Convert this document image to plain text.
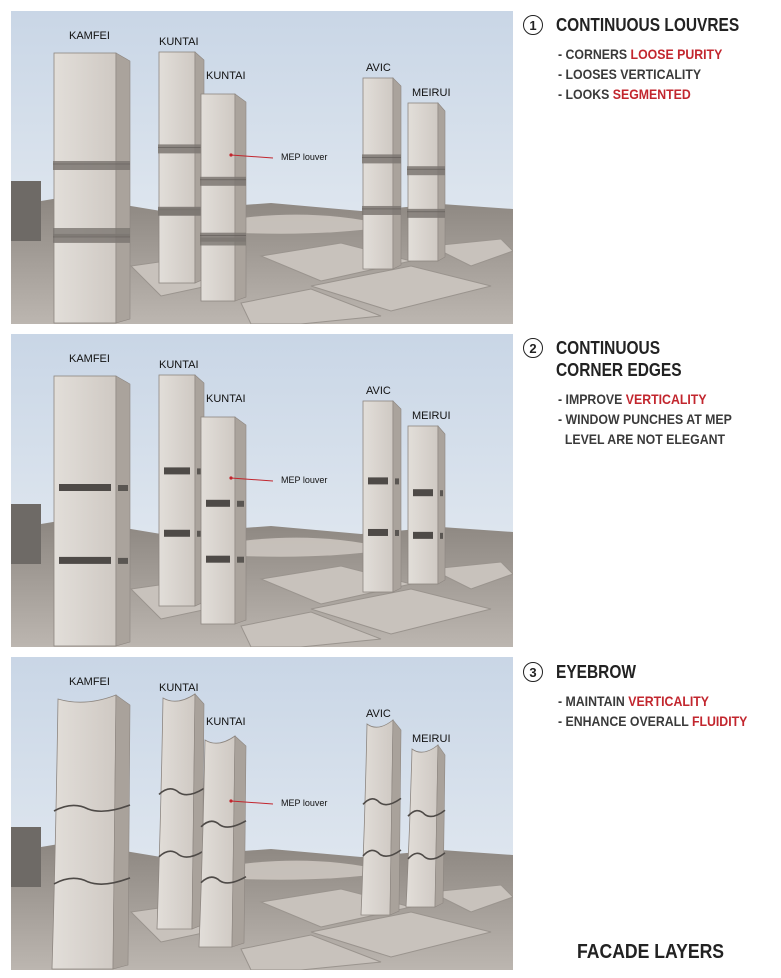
KAMFEI	KUNTAI
KUNTAI
AVIC
MEIRUI
MEP louver
KAMFEI	KUNTAI
KUNTAI
AVIC
MEIRUI
MEP louver
KAMFEI	KUNTAI
KUNTAI
AVIC
MEIRUI
MEP louver
1	CONTINUOUS LOUVRES
- CORNERS LOOSE PURITY
- LOOSES VERTICALITY
- LOOKS SEGMENTED
2	CONTINUOUS
CORNER EDGES
- IMPROVE VERTICALITY
- WINDOW PUNCHES AT MEP
LEVEL ARE NOT ELEGANT
3	EYEBROW
- MAINTAIN VERTICALITY
- ENHANCE OVERALL FLUIDITY
FACADE LAYERS
